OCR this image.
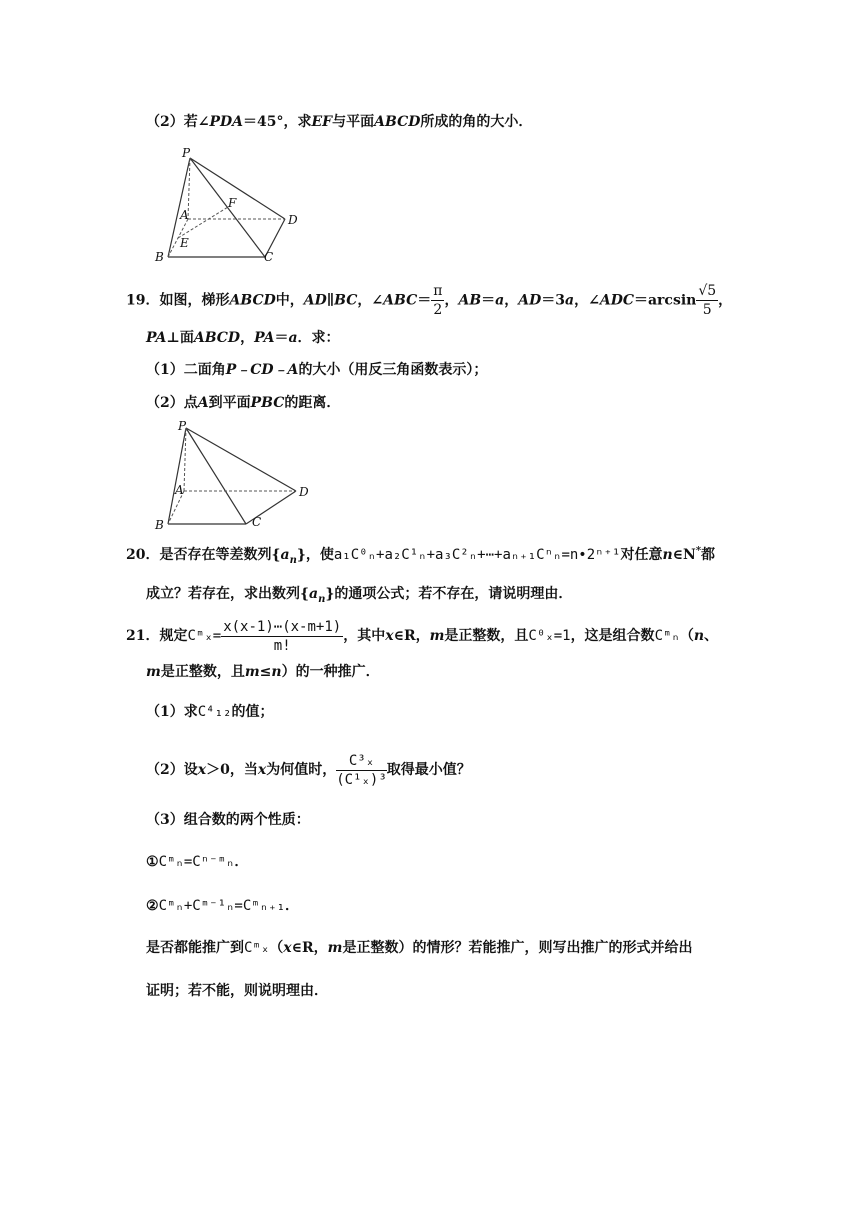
（2）若∠PDA＝45°，求EF与平面ABCD所成的角的大小．
P
A
F
D
E
B	C
19．如图，梯形ABCD中，AD∥BC，∠ABC＝ $\frac{\pi}{2}$ ，AB＝a，AD＝3a，∠ADC＝arcsin $\frac{√5}{5}$ ，
PA⊥面ABCD，PA＝a．求：
（1）二面角P﹣CD﹣A的大小（用反三角函数表示）；
（2）点A到平面PBC的距离．
P
A	D
B	C
20．是否存在等差数列$\{a_n\}$，使a₁C⁰ₙ+a₂C¹ₙ+a₃C²ₙ+⋯+aₙ₊₁Cⁿₙ=n•2ⁿ⁺¹对任意n∈N*都
成立？若存在，求出数列$\{a_n\}$的通项公式；若不存在，请说明理由．
21．规定Cᵐₓ= $\frac{x(x-1)\cdots(x-m+1)}{m!}$ ，其中x∈R，m是正整数，且C⁰ₓ=1，这是组合数Cᵐₙ（n、
m是正整数，且m≤n）的一种推广．
（1）求C⁴₁₂的值；
（2）设x＞0，当x为何值时， $\frac{\text{C³ₓ}}{\text{(C¹ₓ)³}}$ 取得最小值？
（3）组合数的两个性质：
①Cᵐₙ=Cⁿ⁻ᵐₙ．
②Cᵐₙ+Cᵐ⁻¹ₙ=Cᵐₙ₊₁．
是否都能推广到Cᵐₓ（x∈R，m是正整数）的情形？若能推广，则写出推广的形式并给出
证明；若不能，则说明理由．
